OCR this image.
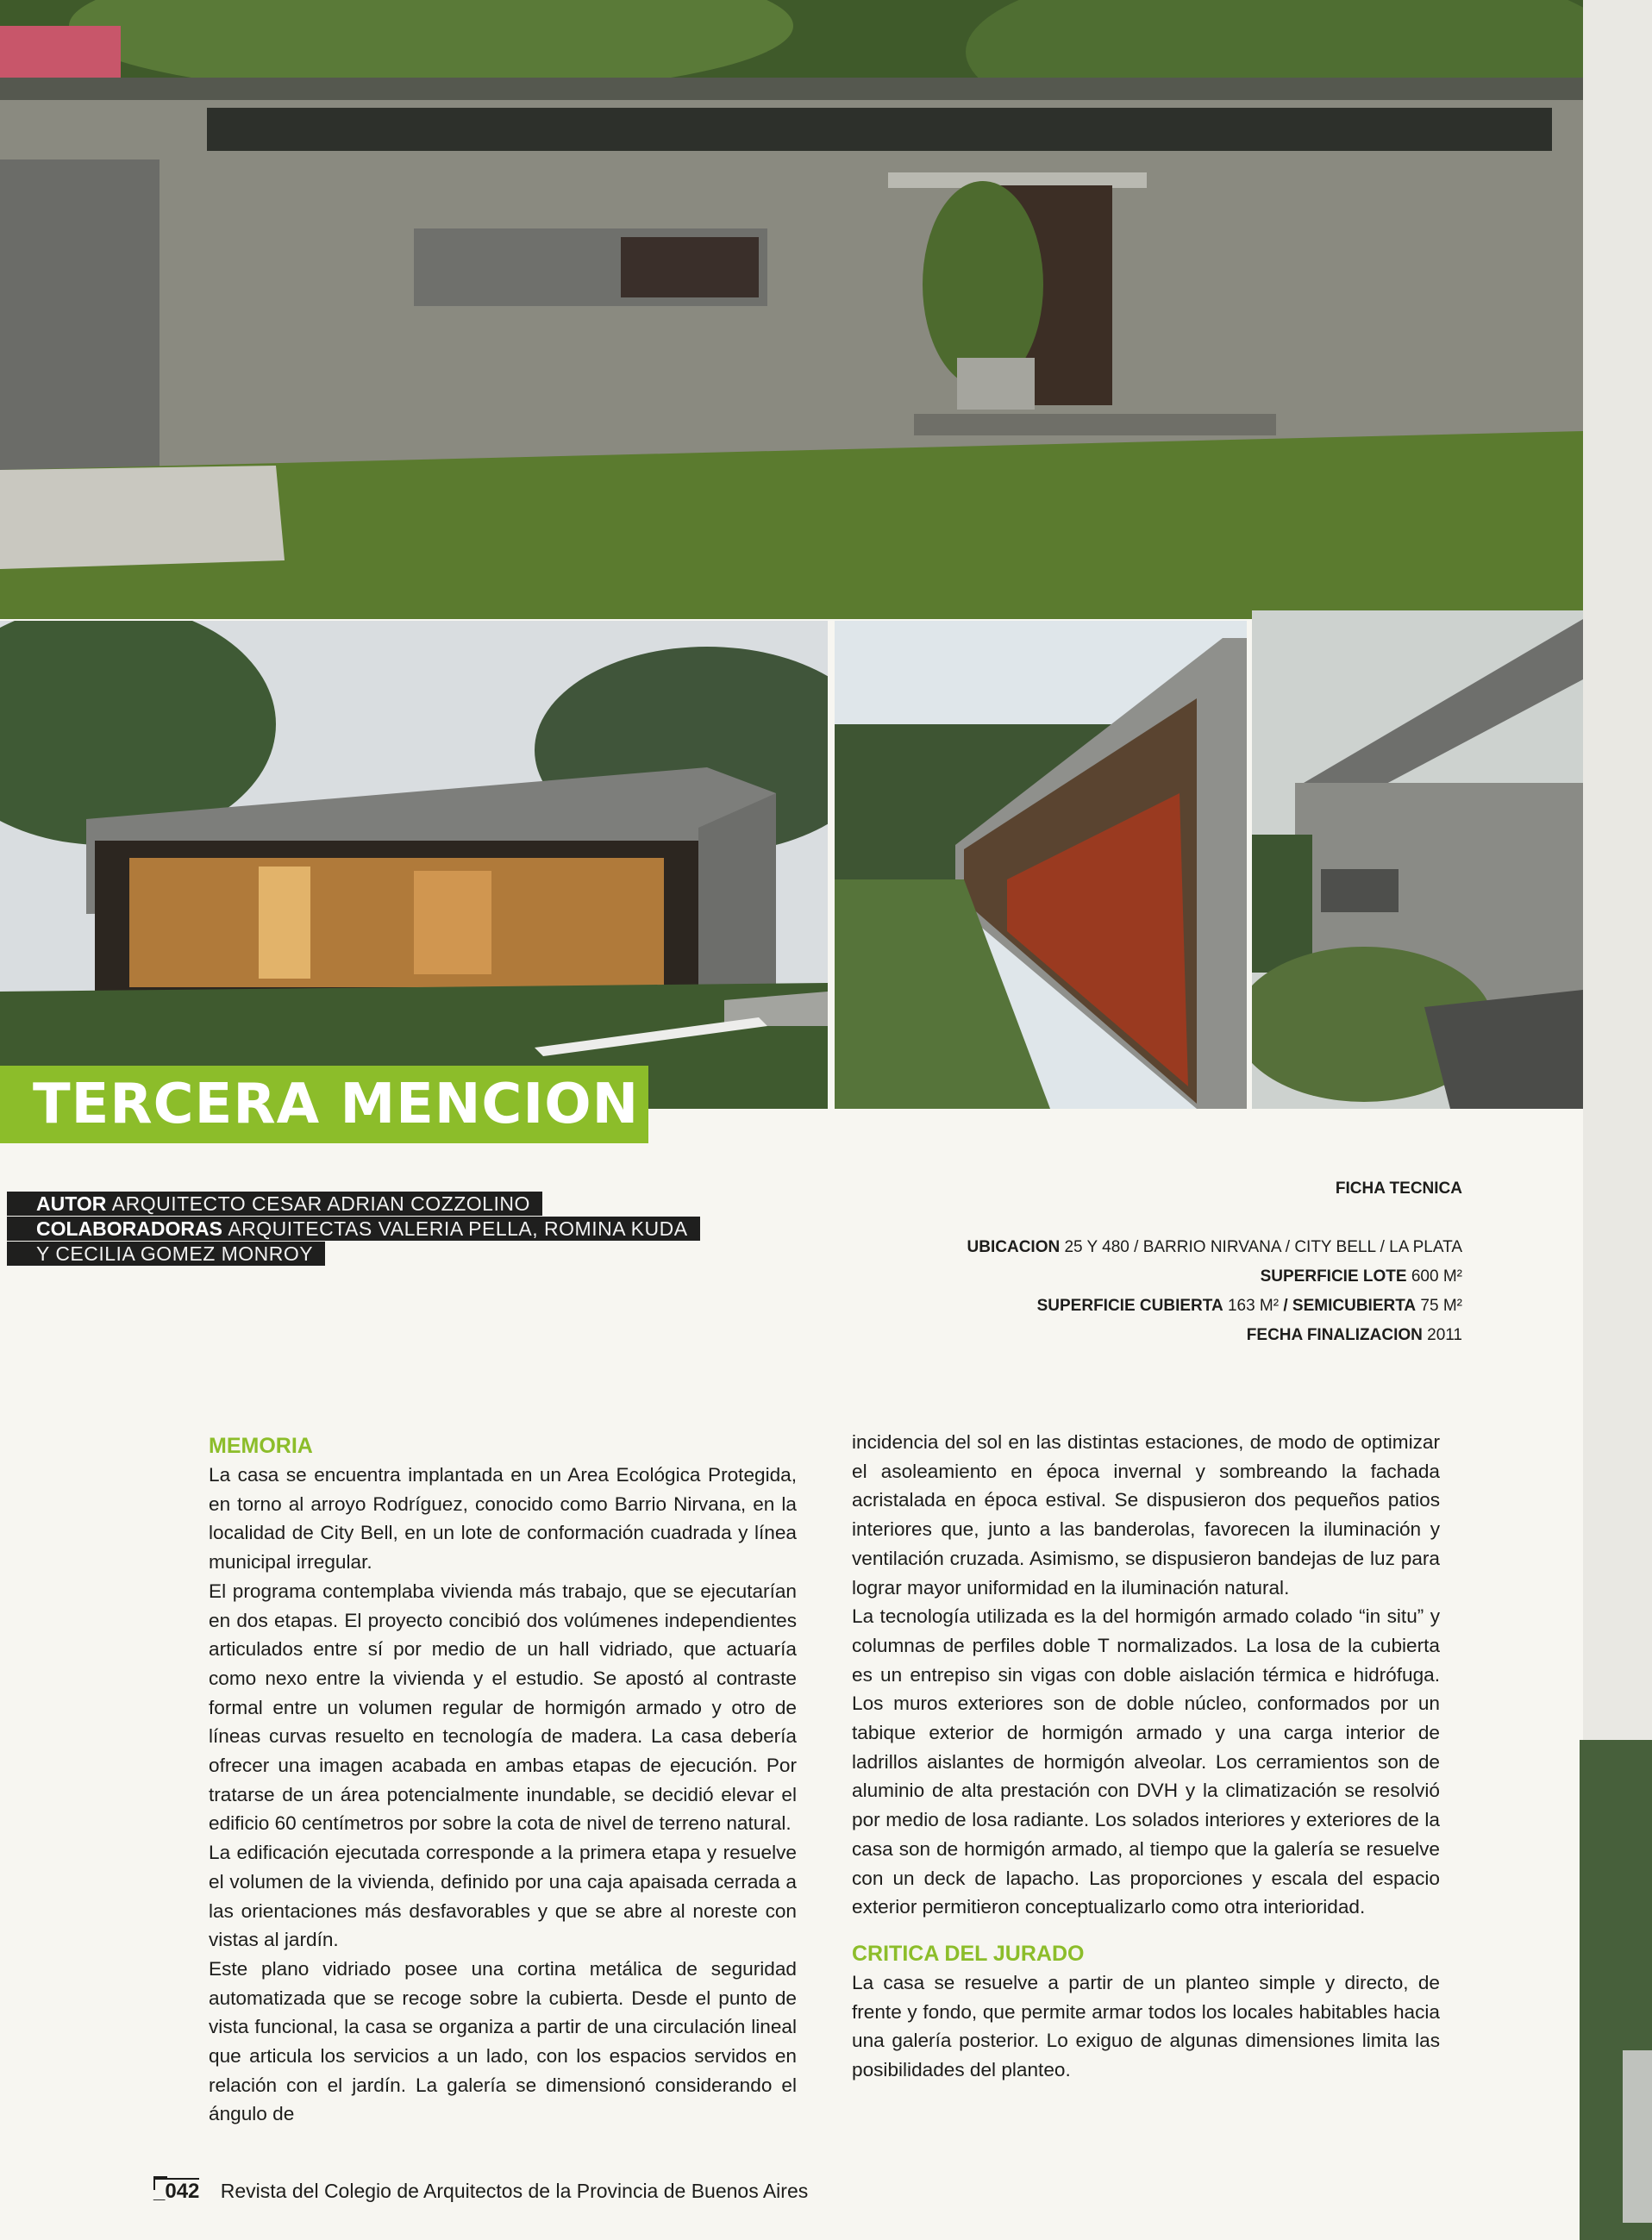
TERCERA MENCION
AUTOR ARQUITECTO CESAR ADRIAN COZZOLINO
COLABORADORAS ARQUITECTAS VALERIA PELLA, ROMINA KUDA
Y CECILIA GOMEZ MONROY
FICHA TECNICA
UBICACION 25 Y 480 / BARRIO NIRVANA / CITY BELL / LA PLATA
SUPERFICIE LOTE 600 M²
SUPERFICIE CUBIERTA 163 M² / SEMICUBIERTA 75 M²
FECHA FINALIZACION 2011
MEMORIA

La casa se encuentra implantada en un Area Ecológica Protegida, en torno al arroyo Rodríguez, conocido como Barrio Nirvana, en la localidad de City Bell, en un lote de conformación cuadrada y línea municipal irregular.

El programa contemplaba vivienda más trabajo, que se ejecutarían en dos etapas. El proyecto concibió dos volúmenes independientes articulados entre sí por medio de un hall vidriado, que actuaría como nexo entre la vivienda y el estudio. Se apostó al contraste formal entre un volumen regular de hormigón armado y otro de líneas curvas resuelto en tecnología de madera. La casa debería ofrecer una imagen acabada en ambas etapas de ejecución. Por tratarse de un área potencialmente inundable, se decidió elevar el edificio 60 centímetros por sobre la cota de nivel de terreno natural.

La edificación ejecutada corresponde a la primera etapa y resuelve el volumen de la vivienda, definido por una caja apaisada cerrada a las orientaciones más desfavorables y que se abre al noreste con vistas al jardín.

Este plano vidriado posee una cortina metálica de seguridad automatizada que se recoge sobre la cubierta. Desde el punto de vista funcional, la casa se organiza a partir de una circulación lineal que articula los servicios a un lado, con los espacios servidos en relación con el jardín. La galería se dimensionó considerando el ángulo de

incidencia del sol en las distintas estaciones, de modo de optimizar el asoleamiento en época invernal y sombreando la fachada acristalada en época estival. Se dispusieron dos pequeños patios interiores que, junto a las banderolas, favorecen la iluminación y ventilación cruzada. Asimismo, se dispusieron bandejas de luz para lograr mayor uniformidad en la iluminación natural.

La tecnología utilizada es la del hormigón armado colado “in situ” y columnas de perfiles doble T normalizados. La losa de la cubierta es un entrepiso sin vigas con doble aislación térmica e hidrófuga. Los muros exteriores son de doble núcleo, conformados por un tabique exterior de hormigón armado y una carga interior de ladrillos aislantes de hormigón alveolar. Los cerramientos son de aluminio de alta prestación con DVH y la climatización se resolvió por medio de losa radiante. Los solados interiores y exteriores de la casa son de hormigón armado, al tiempo que la galería se resuelve con un deck de lapacho. Las proporciones y escala del espacio exterior permitieron conceptualizarlo como otra interioridad.

CRITICA DEL JURADO

La casa se resuelve a partir de un planteo simple y directo, de frente y fondo, que permite armar todos los locales habitables hacia una galería posterior. Lo exiguo de algunas dimensiones limita las posibilidades del planteo.

_042 Revista del Colegio de Arquitectos de la Provincia de Buenos Aires
